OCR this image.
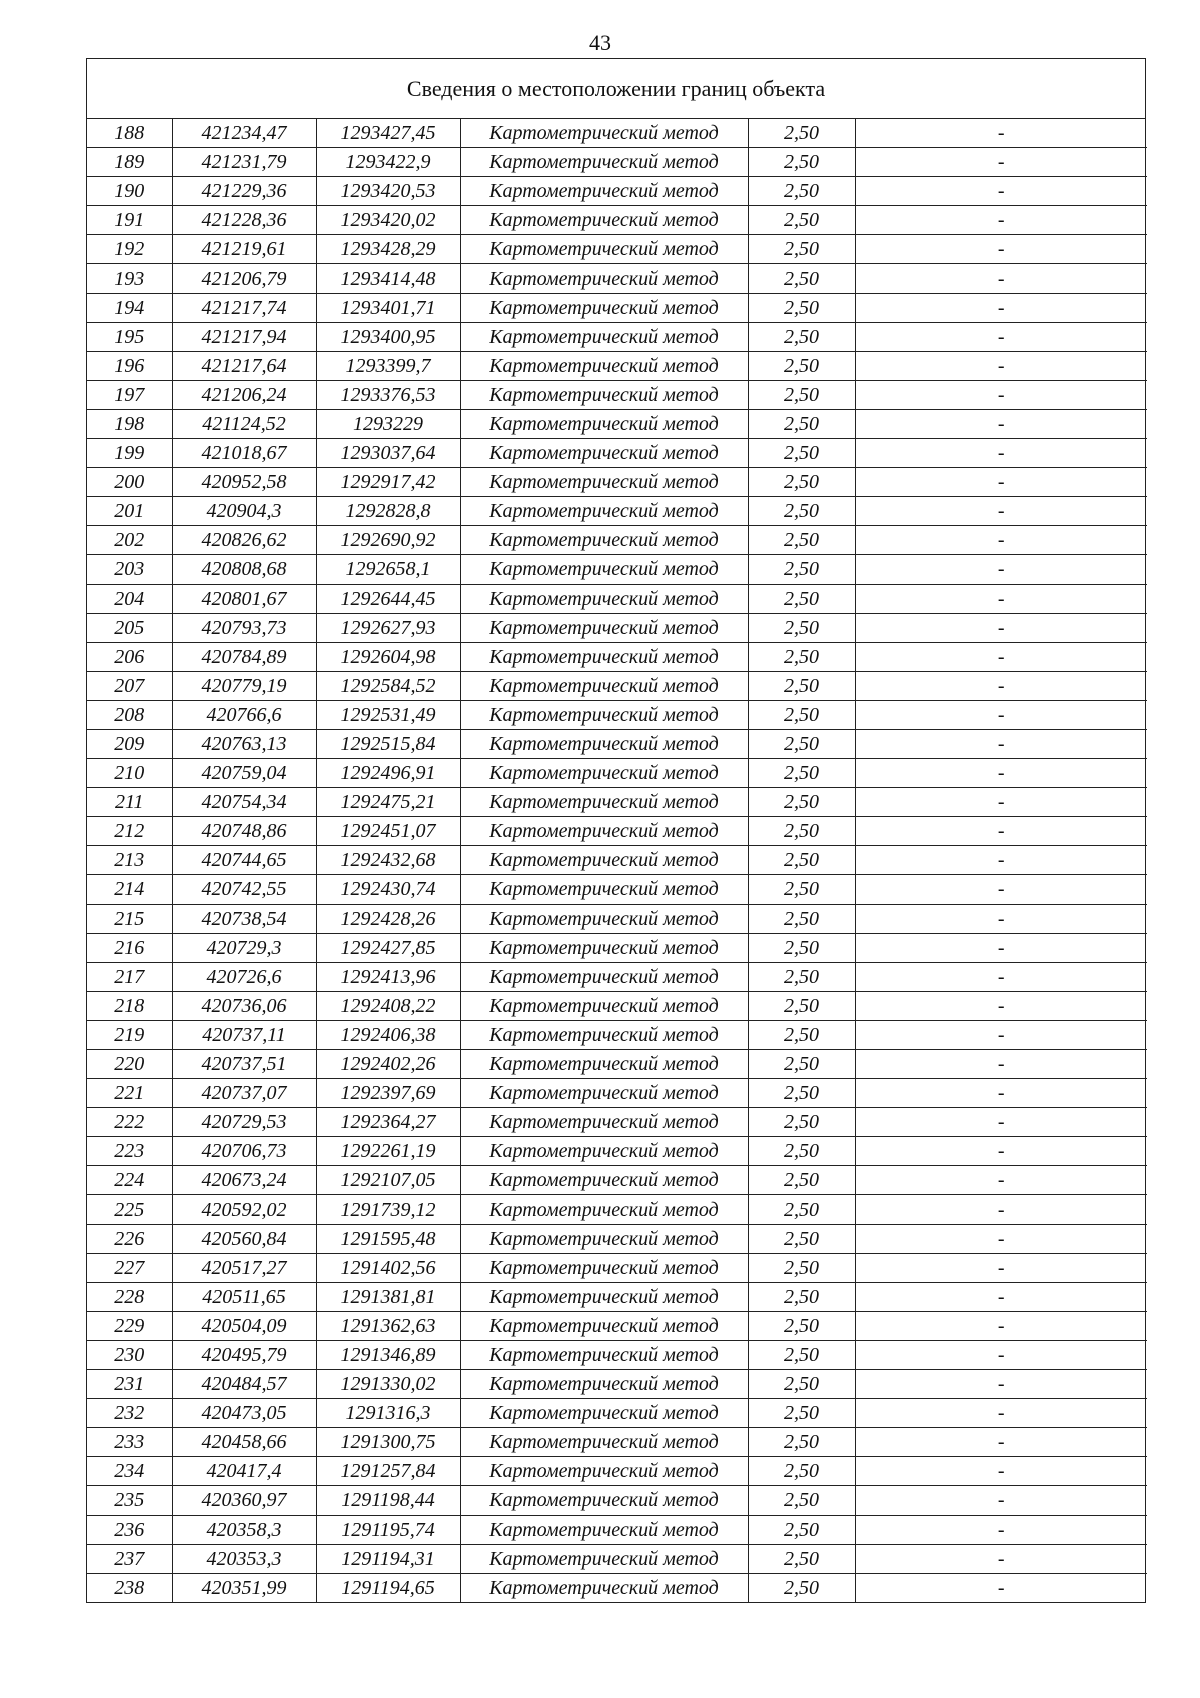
43
Сведения о местоположении границ объекта
188	421234,47	1293427,45	Картометрический метод	2,50	-
189	421231,79	1293422,9	Картометрический метод	2,50	-
190	421229,36	1293420,53	Картометрический метод	2,50	-
191	421228,36	1293420,02	Картометрический метод	2,50	-
192	421219,61	1293428,29	Картометрический метод	2,50	-
193	421206,79	1293414,48	Картометрический метод	2,50	-
194	421217,74	1293401,71	Картометрический метод	2,50	-
195	421217,94	1293400,95	Картометрический метод	2,50	-
196	421217,64	1293399,7	Картометрический метод	2,50	-
197	421206,24	1293376,53	Картометрический метод	2,50	-
198	421124,52	1293229	Картометрический метод	2,50	-
199	421018,67	1293037,64	Картометрический метод	2,50	-
200	420952,58	1292917,42	Картометрический метод	2,50	-
201	420904,3	1292828,8	Картометрический метод	2,50	-
202	420826,62	1292690,92	Картометрический метод	2,50	-
203	420808,68	1292658,1	Картометрический метод	2,50	-
204	420801,67	1292644,45	Картометрический метод	2,50	-
205	420793,73	1292627,93	Картометрический метод	2,50	-
206	420784,89	1292604,98	Картометрический метод	2,50	-
207	420779,19	1292584,52	Картометрический метод	2,50	-
208	420766,6	1292531,49	Картометрический метод	2,50	-
209	420763,13	1292515,84	Картометрический метод	2,50	-
210	420759,04	1292496,91	Картометрический метод	2,50	-
211	420754,34	1292475,21	Картометрический метод	2,50	-
212	420748,86	1292451,07	Картометрический метод	2,50	-
213	420744,65	1292432,68	Картометрический метод	2,50	-
214	420742,55	1292430,74	Картометрический метод	2,50	-
215	420738,54	1292428,26	Картометрический метод	2,50	-
216	420729,3	1292427,85	Картометрический метод	2,50	-
217	420726,6	1292413,96	Картометрический метод	2,50	-
218	420736,06	1292408,22	Картометрический метод	2,50	-
219	420737,11	1292406,38	Картометрический метод	2,50	-
220	420737,51	1292402,26	Картометрический метод	2,50	-
221	420737,07	1292397,69	Картометрический метод	2,50	-
222	420729,53	1292364,27	Картометрический метод	2,50	-
223	420706,73	1292261,19	Картометрический метод	2,50	-
224	420673,24	1292107,05	Картометрический метод	2,50	-
225	420592,02	1291739,12	Картометрический метод	2,50	-
226	420560,84	1291595,48	Картометрический метод	2,50	-
227	420517,27	1291402,56	Картометрический метод	2,50	-
228	420511,65	1291381,81	Картометрический метод	2,50	-
229	420504,09	1291362,63	Картометрический метод	2,50	-
230	420495,79	1291346,89	Картометрический метод	2,50	-
231	420484,57	1291330,02	Картометрический метод	2,50	-
232	420473,05	1291316,3	Картометрический метод	2,50	-
233	420458,66	1291300,75	Картометрический метод	2,50	-
234	420417,4	1291257,84	Картометрический метод	2,50	-
235	420360,97	1291198,44	Картометрический метод	2,50	-
236	420358,3	1291195,74	Картометрический метод	2,50	-
237	420353,3	1291194,31	Картометрический метод	2,50	-
238	420351,99	1291194,65	Картометрический метод	2,50	-
